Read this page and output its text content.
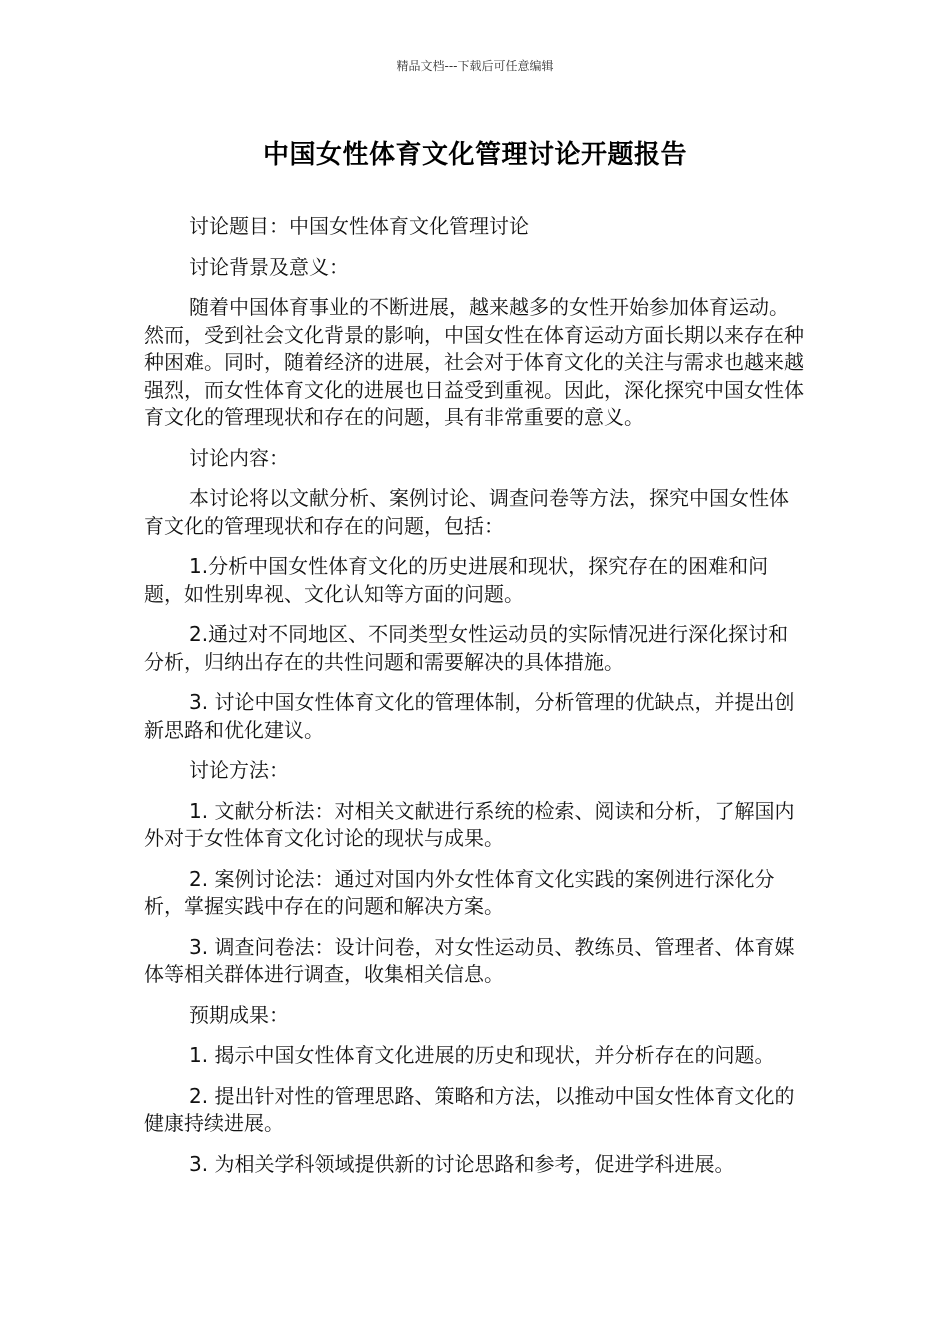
精品文档---下载后可任意编辑
中国女性体育文化管理讨论开题报告

讨论题目：中国女性体育文化管理讨论

讨论背景及意义：

随着中国体育事业的不断进展，越来越多的女性开始参加体育运动。然而，受到社会文化背景的影响，中国女性在体育运动方面长期以来存在种种困难。同时，随着经济的进展，社会对于体育文化的关注与需求也越来越强烈，而女性体育文化的进展也日益受到重视。因此，深化探究中国女性体育文化的管理现状和存在的问题，具有非常重要的意义。

讨论内容：

本讨论将以文献分析、案例讨论、调查问卷等方法，探究中国女性体育文化的管理现状和存在的问题，包括：

1.分析中国女性体育文化的历史进展和现状，探究存在的困难和问题，如性别卑视、文化认知等方面的问题。

2.通过对不同地区、不同类型女性运动员的实际情况进行深化探讨和分析，归纳出存在的共性问题和需要解决的具体措施。

3. 讨论中国女性体育文化的管理体制，分析管理的优缺点，并提出创新思路和优化建议。

讨论方法：

1. 文献分析法：对相关文献进行系统的检索、阅读和分析，了解国内外对于女性体育文化讨论的现状与成果。

2. 案例讨论法：通过对国内外女性体育文化实践的案例进行深化分析，掌握实践中存在的问题和解决方案。

3. 调查问卷法：设计问卷，对女性运动员、教练员、管理者、体育媒体等相关群体进行调查，收集相关信息。

预期成果：

1. 揭示中国女性体育文化进展的历史和现状，并分析存在的问题。

2. 提出针对性的管理思路、策略和方法，以推动中国女性体育文化的健康持续进展。

3. 为相关学科领域提供新的讨论思路和参考，促进学科进展。
